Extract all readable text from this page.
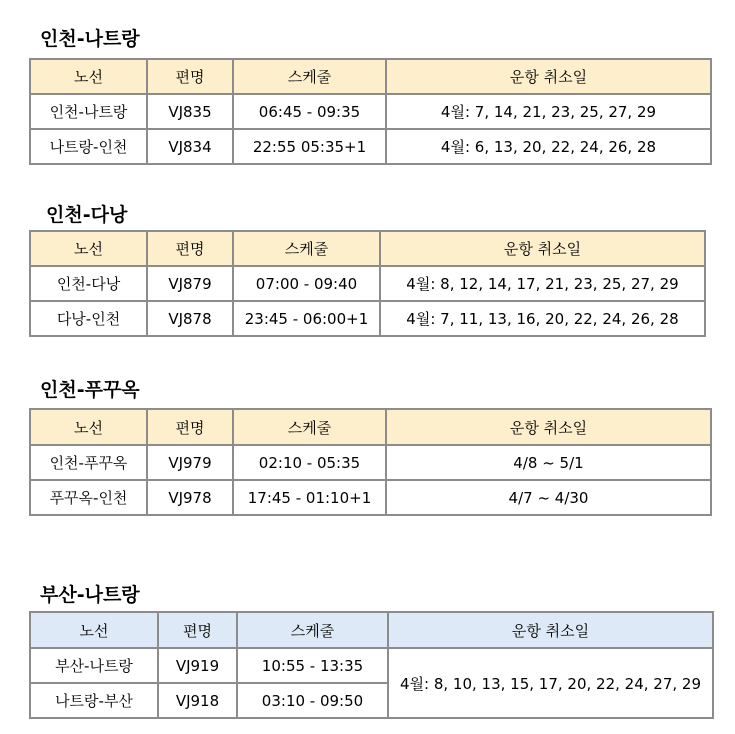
인천-나트랑
노선	편명	스케줄	운항 취소일
인천-나트랑	VJ835	06:45 - 09:35	4월: 7, 14, 21, 23, 25, 27, 29
나트랑-인천	VJ834	22:55 05:35+1	4월: 6, 13, 20, 22, 24, 26, 28
인천-다낭
노선	편명	스케줄	운항 취소일
인천-다낭	VJ879	07:00 - 09:40	4월: 8, 12, 14, 17, 21, 23, 25, 27, 29
다낭-인천	VJ878	23:45 - 06:00+1	4월: 7, 11, 13, 16, 20, 22, 24, 26, 28
인천-푸꾸옥
노선	편명	스케줄	운항 취소일
인천-푸꾸옥	VJ979	02:10 - 05:35	4/8 ~ 5/1
푸꾸옥-인천	VJ978	17:45 - 01:10+1	4/7 ~ 4/30
부산-나트랑
노선	편명	스케줄	운항 취소일
부산-나트랑	VJ919	10:55 - 13:35	4월: 8, 10, 13, 15, 17, 20, 22, 24, 27, 29
나트랑-부산	VJ918	03:10 - 09:50	
